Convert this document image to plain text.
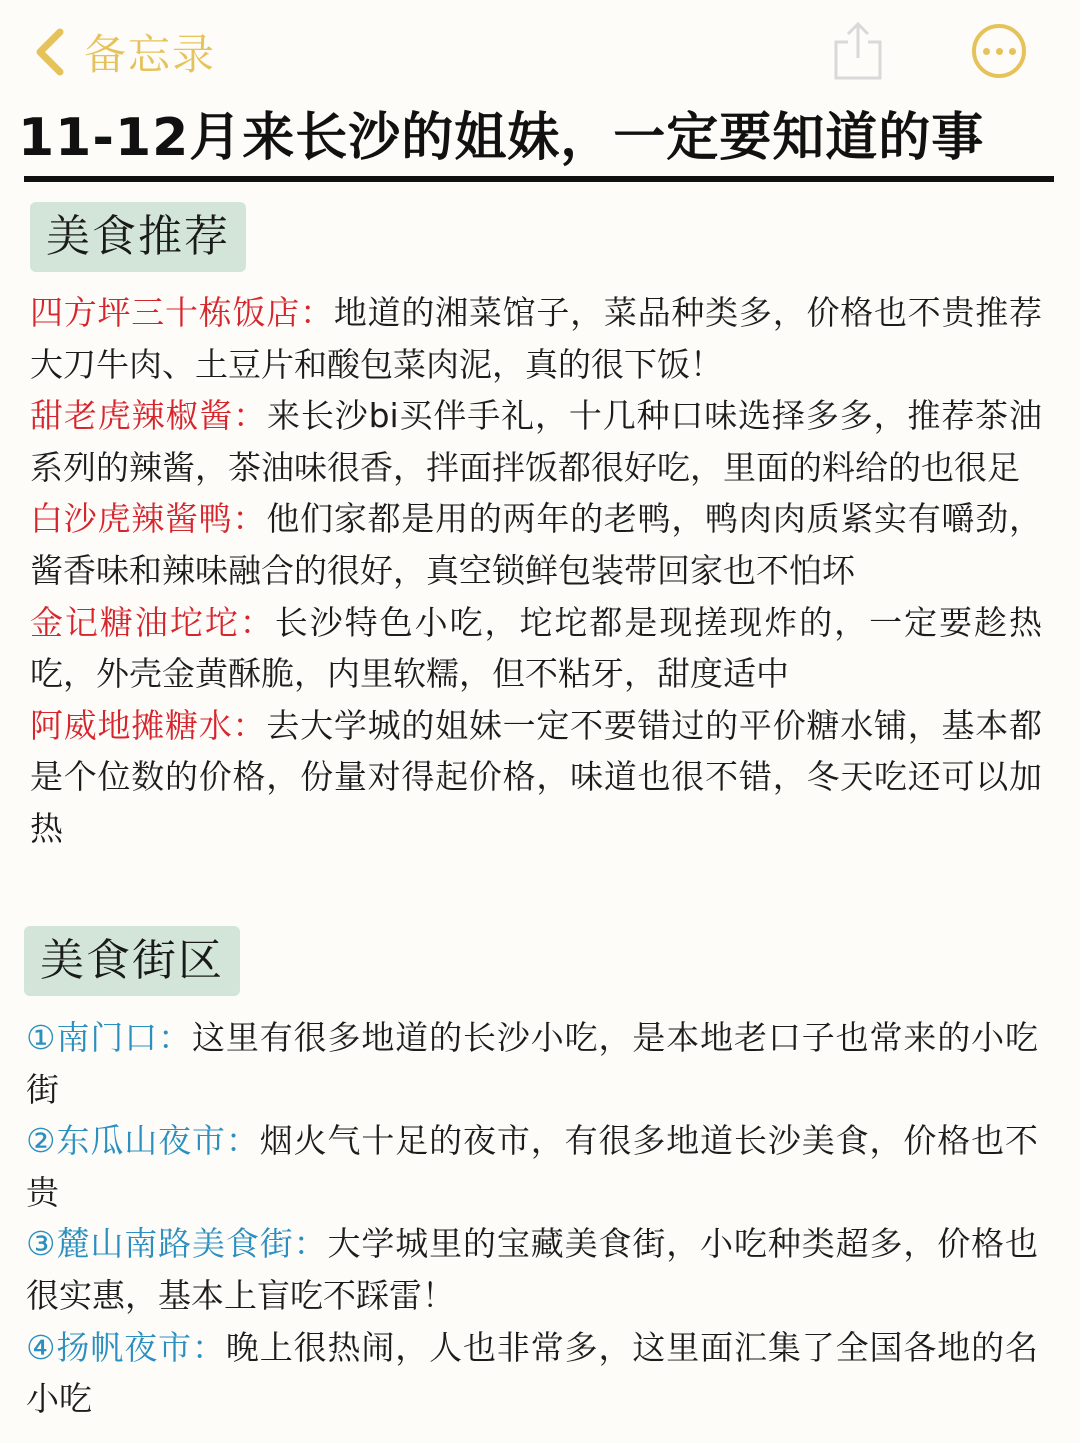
备忘录
11-12月来长沙的姐妹，一定要知道的事
美食推荐

四方坪三十栋饭店：地道的湘菜馆子，菜品种类多，价格也不贵推荐大刀牛肉、土豆片和酸包菜肉泥，真的很下饭！

甜老虎辣椒酱：来长沙bi买伴手礼，十几种口味选择多多，推荐茶油系列的辣酱，茶油味很香，拌面拌饭都很好吃，里面的料给的也很足

白沙虎辣酱鸭：他们家都是用的两年的老鸭，鸭肉肉质紧实有嚼劲，酱香味和辣味融合的很好，真空锁鲜包装带回家也不怕坏

金记糖油坨坨：长沙特色小吃，坨坨都是现搓现炸的，一定要趁热吃，外壳金黄酥脆，内里软糯，但不粘牙，甜度适中

阿威地摊糖水：去大学城的姐妹一定不要错过的平价糖水铺，基本都是个位数的价格，份量对得起价格，味道也很不错，冬天吃还可以加热

美食街区

①南门口：这里有很多地道的长沙小吃，是本地老口子也常来的小吃街

②东瓜山夜市：烟火气十足的夜市，有很多地道长沙美食，价格也不贵

③麓山南路美食街：大学城里的宝藏美食街，小吃种类超多，价格也很实惠，基本上盲吃不踩雷！

④扬帆夜市：晚上很热闹，人也非常多，这里面汇集了全国各地的名小吃
